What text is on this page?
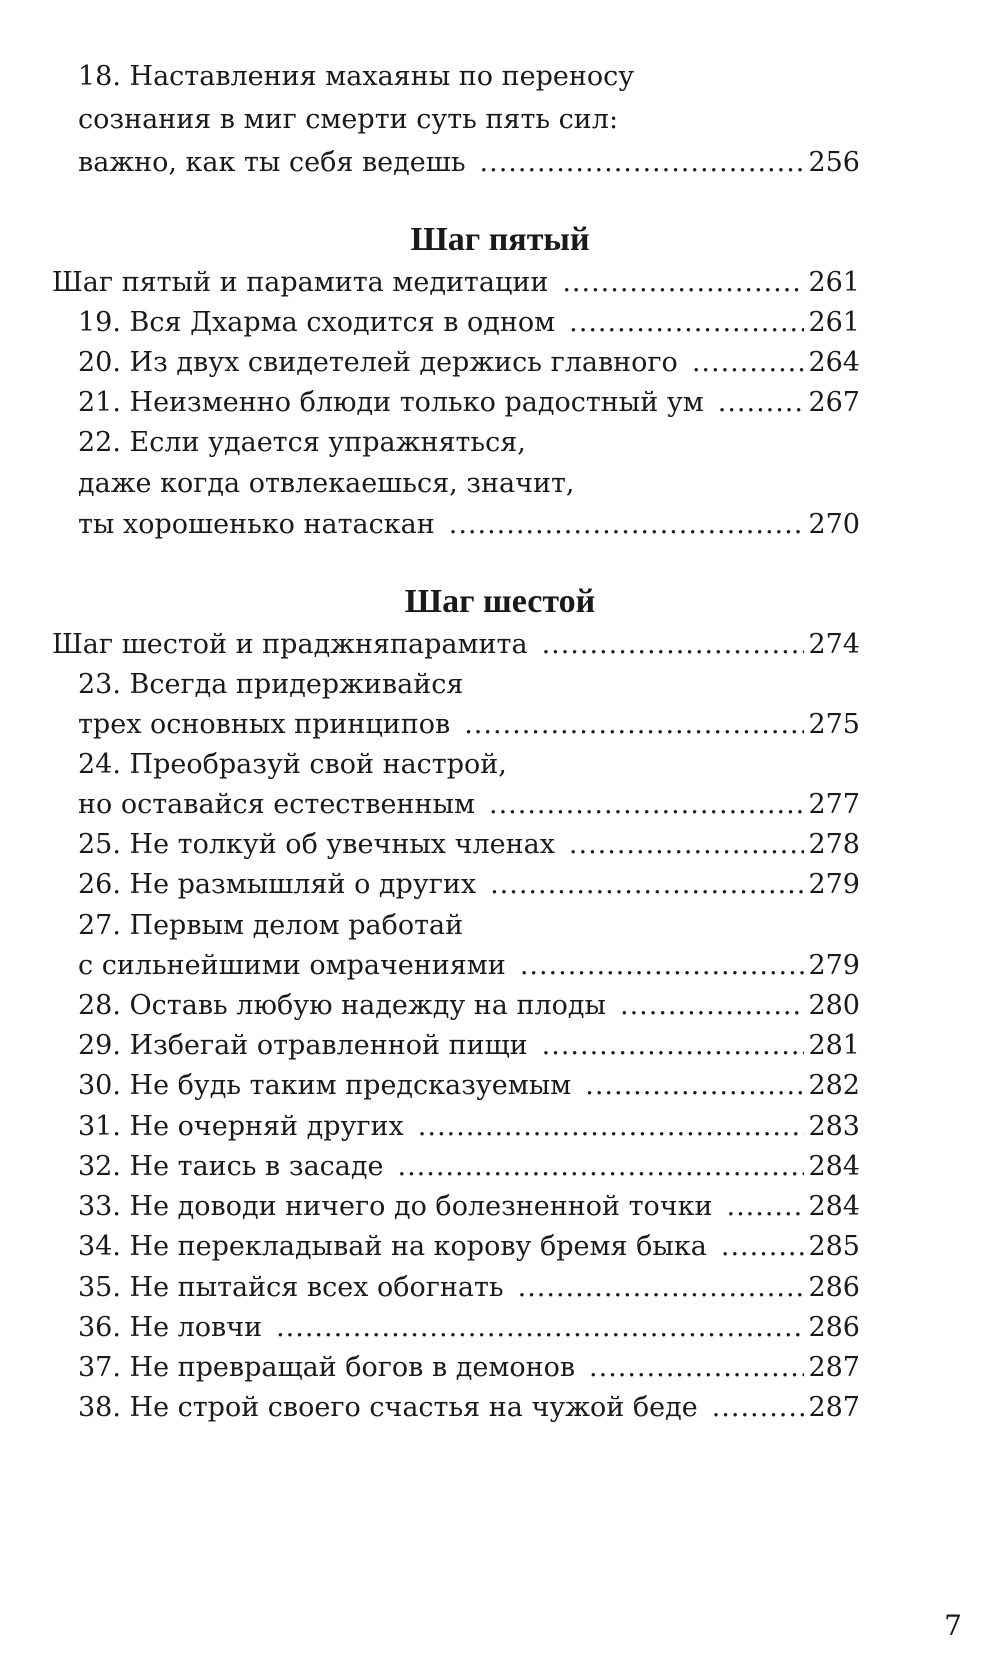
18. Наставления махаяны по переносу
сознания в миг смерти суть пять сил:
важно, как ты себя ведешь .....	256
Шаг пятый
Шаг пятый и парамита медитации .....	261
19. Вся Дхарма сходится в одном .....	261
20. Из двух свидетелей держись главного .....	264
21. Неизменно блюди только радостный ум .....	267
22. Если удается упражняться,
даже когда отвлекаешься, значит,
ты хорошенько натаскан .....	270
Шаг шестой
Шаг шестой и праджняпарамита .....	274
23. Всегда придерживайся
трех основных принципов .....	275
24. Преобразуй свой настрой,
но оставайся естественным .....	277
25. Не толкуй об увечных членах .....	278
26. Не размышляй о других .....	279
27. Первым делом работай
с сильнейшими омрачениями .....	279
28. Оставь любую надежду на плоды .....	280
29. Избегай отравленной пищи .....	281
30. Не будь таким предсказуемым .....	282
31. Не очерняй других .....	283
32. Не таись в засаде .....	284
33. Не доводи ничего до болезненной точки .....	284
34. Не перекладывай на корову бремя быка .....	285
35. Не пытайся всех обогнать .....	286
36. Не ловчи .....	286
37. Не превращай богов в демонов .....	287
38. Не строй своего счастья на чужой беде .....	287
7
